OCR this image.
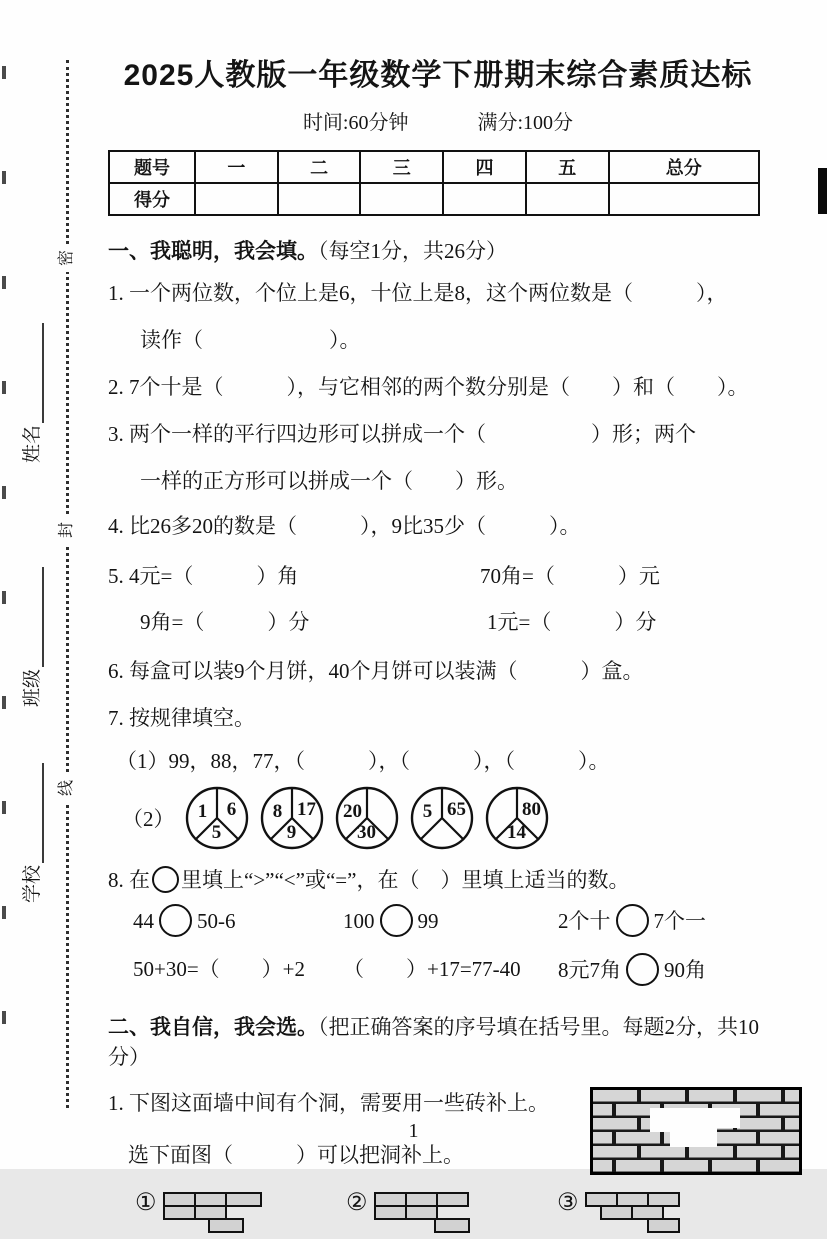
密
封
线
姓名
班级
学校
2025人教版一年级数学下册期末综合素质达标
时间:60分钟	满分:100分
题号	一	二	三	四	五	总分
得分						
一、我聪明，我会填。（每空1分，共26分）
1. 一个两位数，个位上是6，十位上是8，这个两位数是（　　　），
读作（　　　　　　）。
2. 7个十是（　　　），与它相邻的两个数分别是（　　）和（　　）。
3. 两个一样的平行四边形可以拼成一个（　　　　　）形；两个
一样的正方形可以拼成一个（　　）形。
4. 比26多20的数是（　　　），9比35少（　　　）。
5. 4元=（　　　）角	70角=（　　　）元
9角=（　　　）分	1元=（　　　）分
6. 每盒可以装9个月饼，40个月饼可以装满（　　　）盒。
7. 按规律填空。
（1）99，88，77，（　　　），（　　　），（　　　）。
（2）	1	6
5
8 17
9
20
30
5 65	80
14
8. 在 里填上“>”“<”或“=”，在（　）里填上适当的数。
44 50-6	100 99	2个十 7个一
50+30=（　　）+2 （　　）+17=77-40 8元7角 90角
二、我自信，我会选。（把正确答案的序号填在括号里。每题2分，共10分）
1. 下图这面墙中间有个洞，需要用一些砖补上。
选下面图（　　　）可以把洞补上。
①	②	③
1
